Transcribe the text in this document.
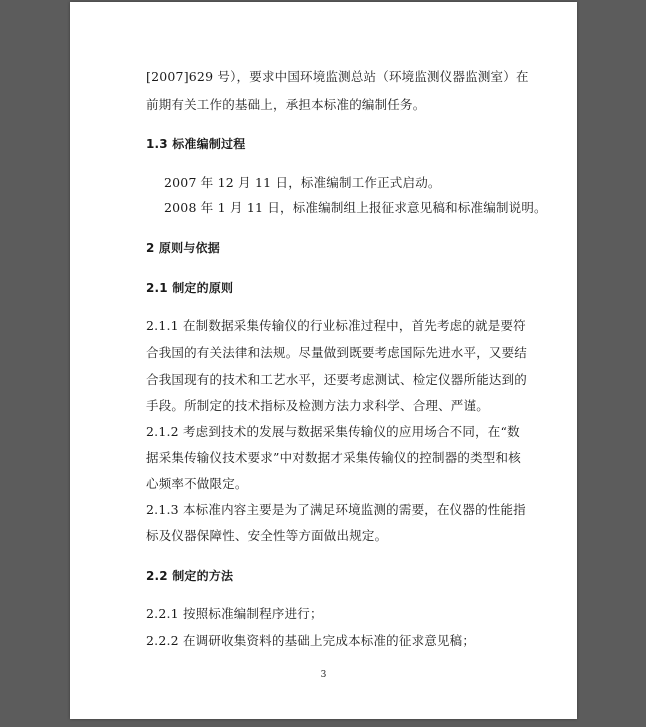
[2007]629 号），要求中国环境监测总站（环境监测仪器监测室）在
前期有关工作的基础上，承担本标准的编制任务。
1.3 标准编制过程
2007 年 12 月 11 日，标准编制工作正式启动。
2008 年 1 月 11 日，标准编制组上报征求意见稿和标准编制说明。
2 原则与依据
2.1 制定的原则
2.1.1 在制数据采集传输仪的行业标准过程中，首先考虑的就是要符
合我国的有关法律和法规。尽量做到既要考虑国际先进水平，又要结
合我国现有的技术和工艺水平，还要考虑测试、检定仪器所能达到的
手段。所制定的技术指标及检测方法力求科学、合理、严谨。
2.1.2 考虑到技术的发展与数据采集传输仪的应用场合不同，在“数
据采集传输仪技术要求”中对数据才采集传输仪的控制器的类型和核
心频率不做限定。
2.1.3 本标准内容主要是为了满足环境监测的需要，在仪器的性能指
标及仪器保障性、安全性等方面做出规定。
2.2 制定的方法
2.2.1 按照标准编制程序进行；
2.2.2 在调研收集资料的基础上完成本标准的征求意见稿；
3
